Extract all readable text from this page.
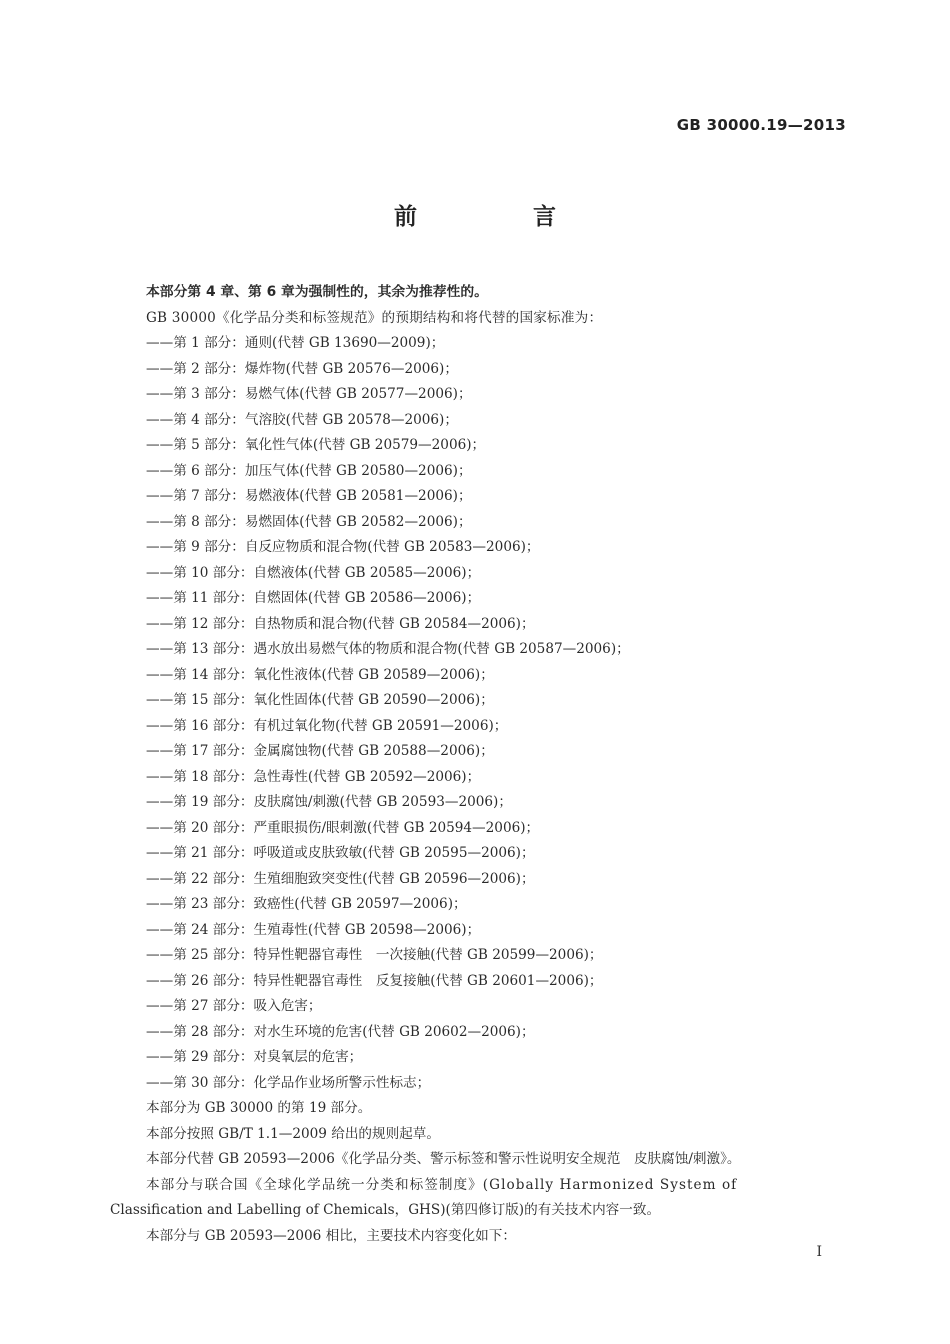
GB 30000.19—2013
前 言
本部分第 4 章、第 6 章为强制性的，其余为推荐性的。
GB 30000《化学品分类和标签规范》的预期结构和将代替的国家标准为：
——第 1 部分：通则(代替 GB 13690—2009)；
——第 2 部分：爆炸物(代替 GB 20576—2006)；
——第 3 部分：易燃气体(代替 GB 20577—2006)；
——第 4 部分：气溶胶(代替 GB 20578—2006)；
——第 5 部分：氧化性气体(代替 GB 20579—2006)；
——第 6 部分：加压气体(代替 GB 20580—2006)；
——第 7 部分：易燃液体(代替 GB 20581—2006)；
——第 8 部分：易燃固体(代替 GB 20582—2006)；
——第 9 部分：自反应物质和混合物(代替 GB 20583—2006)；
——第 10 部分：自燃液体(代替 GB 20585—2006)；
——第 11 部分：自燃固体(代替 GB 20586—2006)；
——第 12 部分：自热物质和混合物(代替 GB 20584—2006)；
——第 13 部分：遇水放出易燃气体的物质和混合物(代替 GB 20587—2006)；
——第 14 部分：氧化性液体(代替 GB 20589—2006)；
——第 15 部分：氧化性固体(代替 GB 20590—2006)；
——第 16 部分：有机过氧化物(代替 GB 20591—2006)；
——第 17 部分：金属腐蚀物(代替 GB 20588—2006)；
——第 18 部分：急性毒性(代替 GB 20592—2006)；
——第 19 部分：皮肤腐蚀/刺激(代替 GB 20593—2006)；
——第 20 部分：严重眼损伤/眼刺激(代替 GB 20594—2006)；
——第 21 部分：呼吸道或皮肤致敏(代替 GB 20595—2006)；
——第 22 部分：生殖细胞致突变性(代替 GB 20596—2006)；
——第 23 部分：致癌性(代替 GB 20597—2006)；
——第 24 部分：生殖毒性(代替 GB 20598—2006)；
——第 25 部分：特异性靶器官毒性　一次接触(代替 GB 20599—2006)；
——第 26 部分：特异性靶器官毒性　反复接触(代替 GB 20601—2006)；
——第 27 部分：吸入危害；
——第 28 部分：对水生环境的危害(代替 GB 20602—2006)；
——第 29 部分：对臭氧层的危害；
——第 30 部分：化学品作业场所警示性标志；
本部分为 GB 30000 的第 19 部分。
本部分按照 GB/T 1.1—2009 给出的规则起草。
本部分代替 GB 20593—2006《化学品分类、警示标签和警示性说明安全规范　皮肤腐蚀/刺激》。
本部分与联合国《全球化学品统一分类和标签制度》(Globally Harmonized System of
Classification and Labelling of Chemicals，GHS)(第四修订版)的有关技术内容一致。
本部分与 GB 20593—2006 相比，主要技术内容变化如下：
I
